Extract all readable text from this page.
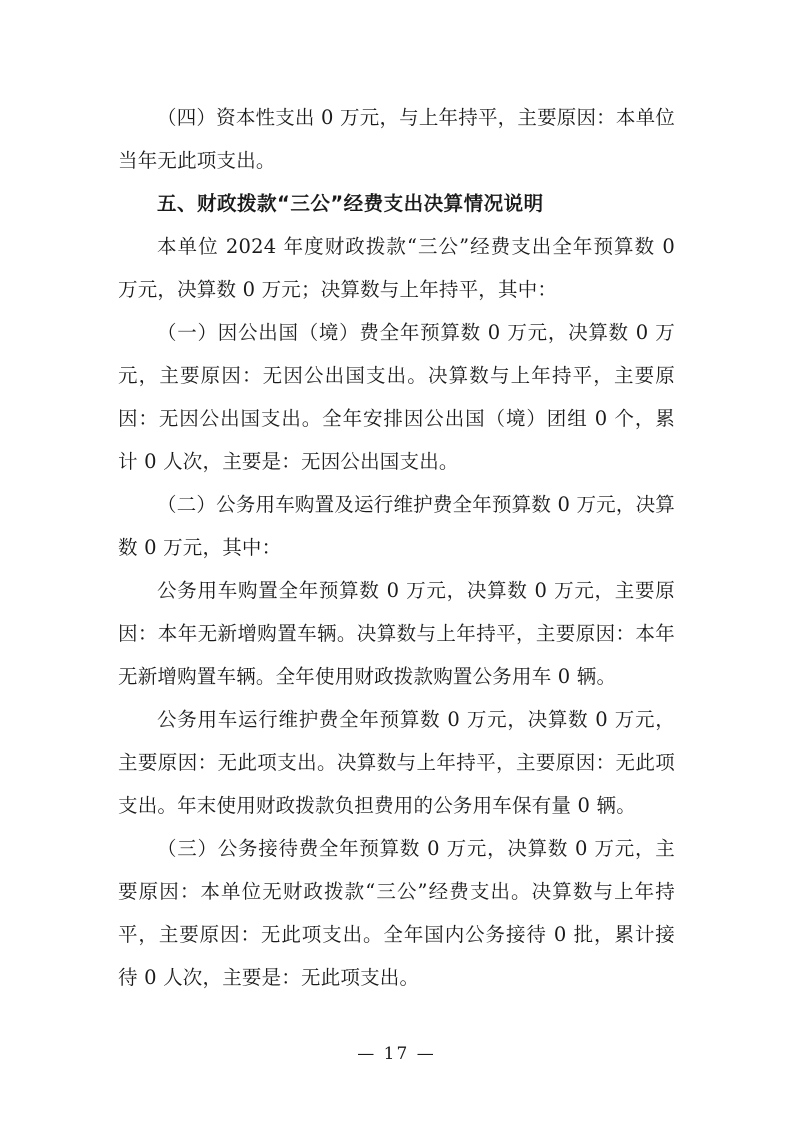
（四）资本性支出 0 万元，与上年持平，主要原因：本单位当年无此项支出。

五、财政拨款“三公”经费支出决算情况说明

本单位 2024 年度财政拨款“三公”经费支出全年预算数 0 万元，决算数 0 万元；决算数与上年持平，其中：

（一）因公出国（境）费全年预算数 0 万元，决算数 0 万元，主要原因：无因公出国支出。决算数与上年持平，主要原因：无因公出国支出。全年安排因公出国（境）团组 0 个，累计 0 人次，主要是：无因公出国支出。

（二）公务用车购置及运行维护费全年预算数 0 万元，决算数 0 万元，其中：

公务用车购置全年预算数 0 万元，决算数 0 万元，主要原因：本年无新增购置车辆。决算数与上年持平，主要原因：本年无新增购置车辆。全年使用财政拨款购置公务用车 0 辆。

公务用车运行维护费全年预算数 0 万元，决算数 0 万元，主要原因：无此项支出。决算数与上年持平，主要原因：无此项支出。年末使用财政拨款负担费用的公务用车保有量 0 辆。

（三）公务接待费全年预算数 0 万元，决算数 0 万元，主要原因：本单位无财政拨款“三公”经费支出。决算数与上年持平，主要原因：无此项支出。全年国内公务接待 0 批，累计接待 0 人次，主要是：无此项支出。

— 17 —
